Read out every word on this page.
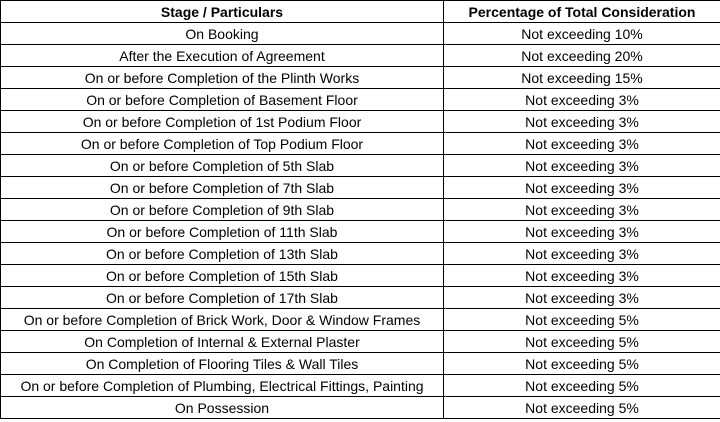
Stage / Particulars	Percentage of Total Consideration
On Booking	Not exceeding 10%
After the Execution of Agreement	Not exceeding 20%
On or before Completion of the Plinth Works	Not exceeding 15%
On or before Completion of Basement Floor	Not exceeding 3%
On or before Completion of 1st Podium Floor	Not exceeding 3%
On or before Completion of Top Podium Floor	Not exceeding 3%
On or before Completion of 5th Slab	Not exceeding 3%
On or before Completion of 7th Slab	Not exceeding 3%
On or before Completion of 9th Slab	Not exceeding 3%
On or before Completion of 11th Slab	Not exceeding 3%
On or before Completion of 13th Slab	Not exceeding 3%
On or before Completion of 15th Slab	Not exceeding 3%
On or before Completion of 17th Slab	Not exceeding 3%
On or before Completion of Brick Work, Door & Window Frames	Not exceeding 5%
On Completion of Internal & External Plaster	Not exceeding 5%
On Completion of Flooring Tiles & Wall Tiles	Not exceeding 5%
On or before Completion of Plumbing, Electrical Fittings, Painting	Not exceeding 5%
On Possession	Not exceeding 5%
